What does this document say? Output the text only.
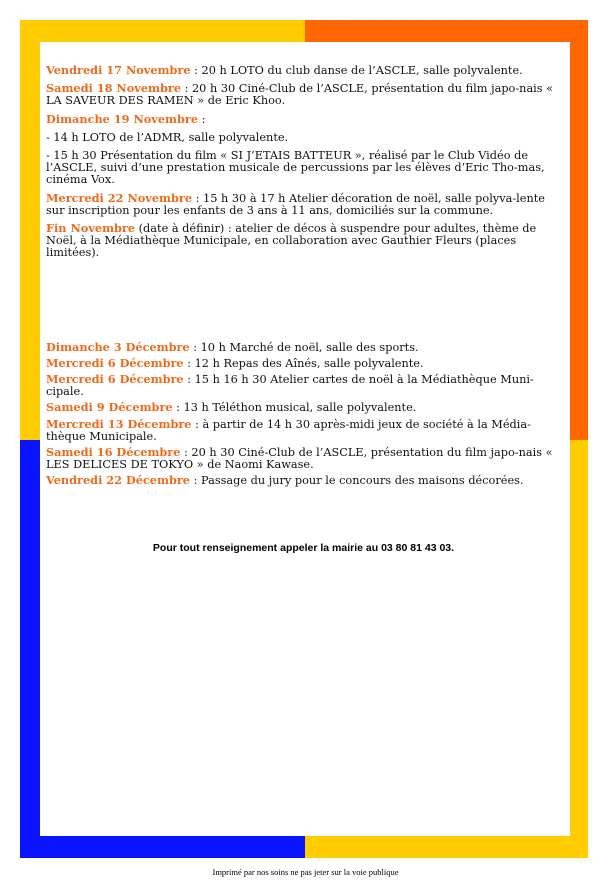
Vendredi 17 Novembre : 20 h LOTO du club danse de l’ASCLE, salle polyvalente.

Samedi 18 Novembre : 20 h 30 Ciné-Club de l’ASCLE, présentation du film japo-nais « LA SAVEUR DES RAMEN » de Eric Khoo.

Dimanche 19 Novembre :

- 14 h LOTO de l’ADMR, salle polyvalente.

- 15 h 30 Présentation du film « SI J’ETAIS BATTEUR », réalisé par le Club Vidéo de l’ASCLE, suivi d’une prestation musicale de percussions par les élèves d’Eric Tho-mas, cinéma Vox.

Mercredi 22 Novembre : 15 h 30 à 17 h Atelier décoration de noël, salle polyva-lente sur inscription pour les enfants de 3 ans à 11 ans, domiciliés sur la commune.

Fin Novembre (date à définir) : atelier de décos à suspendre pour adultes, thème de Noël, à la Médiathèque Municipale, en collaboration avec Gauthier Fleurs (places limitées).

Dimanche 3 Décembre : 10 h Marché de noël, salle des sports.

Mercredi 6 Décembre : 12 h Repas des Aînés, salle polyvalente.

Mercredi 6 Décembre : 15 h 16 h 30 Atelier cartes de noël à la Médiathèque Muni-cipale.

Samedi 9 Décembre : 13 h Téléthon musical, salle polyvalente.

Mercredi 13 Décembre : à partir de 14 h 30 après-midi jeux de société à la Média-thèque Municipale.

Samedi 16 Décembre : 20 h 30 Ciné-Club de l’ASCLE, présentation du film japo-nais « LES DELICES DE TOKYO » de Naomi Kawase.

Vendredi 22 Décembre : Passage du jury pour le concours des maisons décorées.

Pour tout renseignement appeler la mairie au 03 80 81 43 03.
Imprimé par nos soins ne pas jeter sur la voie publique
